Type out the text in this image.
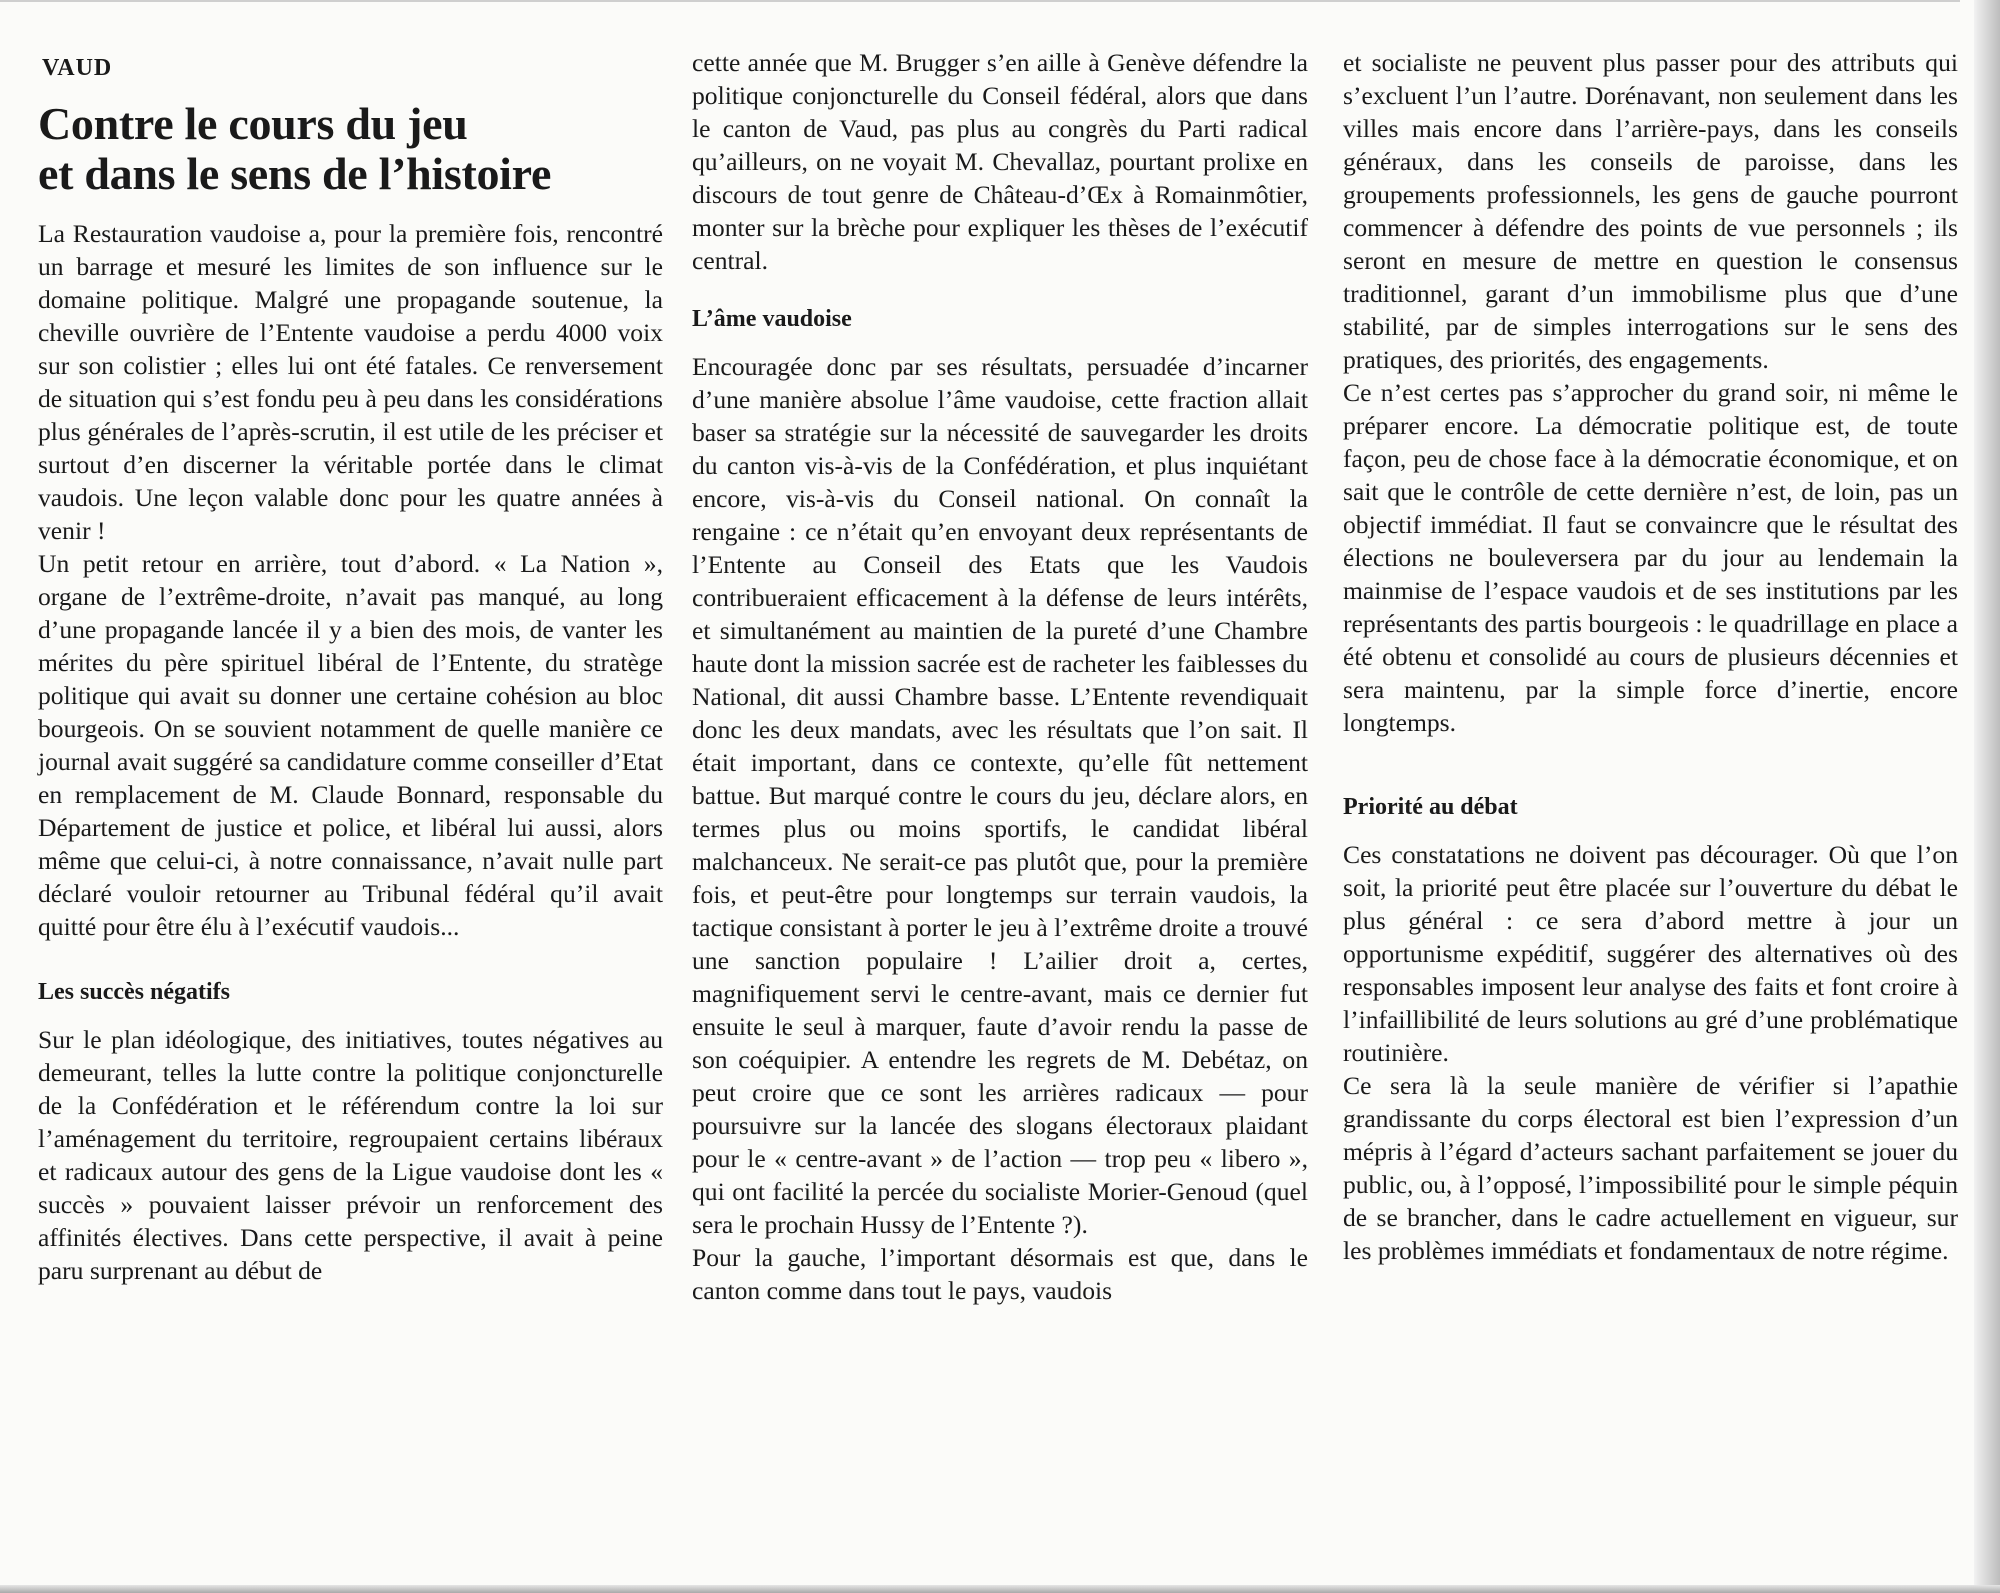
VAUD
Contre le cours du jeu
et dans le sens de l’histoire

La Restauration vaudoise a, pour la première fois, rencontré un barrage et mesuré les limites de son influence sur le domaine politique. Malgré une propagande soutenue, la cheville ouvrière de l’Entente vaudoise a perdu 4000 voix sur son colistier ; elles lui ont été fatales. Ce renversement de situation qui s’est fondu peu à peu dans les considérations plus générales de l’après-scrutin, il est utile de les préciser et surtout d’en discerner la véritable portée dans le climat vaudois. Une leçon valable donc pour les quatre années à venir !

Un petit retour en arrière, tout d’abord. « La Nation », organe de l’extrême-droite, n’avait pas manqué, au long d’une propagande lancée il y a bien des mois, de vanter les mérites du père spirituel libéral de l’Entente, du stratège politique qui avait su donner une certaine cohésion au bloc bourgeois. On se souvient notamment de quelle manière ce journal avait suggéré sa candidature comme conseiller d’Etat en remplacement de M. Claude Bonnard, responsable du Département de justice et police, et libéral lui aussi, alors même que celui-ci, à notre connaissance, n’avait nulle part déclaré vouloir retourner au Tribunal fédéral qu’il avait quitté pour être élu à l’exécutif vaudois...

Les succès négatifs

Sur le plan idéologique, des initiatives, toutes négatives au demeurant, telles la lutte contre la politique conjoncturelle de la Confédération et le référendum contre la loi sur l’aménagement du territoire, regroupaient certains libéraux et radicaux autour des gens de la Ligue vaudoise dont les « succès » pouvaient laisser prévoir un renforcement des affinités électives. Dans cette perspective, il avait à peine paru surprenant au début de

cette année que M. Brugger s’en aille à Genève défendre la politique conjoncturelle du Conseil fédéral, alors que dans le canton de Vaud, pas plus au congrès du Parti radical qu’ailleurs, on ne voyait M. Chevallaz, pourtant prolixe en discours de tout genre de Château-d’Œx à Romainmôtier, monter sur la brèche pour expliquer les thèses de l’exécutif central.

L’âme vaudoise

Encouragée donc par ses résultats, persuadée d’incarner d’une manière absolue l’âme vaudoise, cette fraction allait baser sa stratégie sur la nécessité de sauvegarder les droits du canton vis-à-vis de la Confédération, et plus inquiétant encore, vis-à-vis du Conseil national. On connaît la rengaine : ce n’était qu’en envoyant deux représentants de l’Entente au Conseil des Etats que les Vaudois contribueraient efficacement à la défense de leurs intérêts, et simultanément au maintien de la pureté d’une Chambre haute dont la mission sacrée est de racheter les faiblesses du National, dit aussi Chambre basse. L’Entente revendiquait donc les deux mandats, avec les résultats que l’on sait. Il était important, dans ce contexte, qu’elle fût nettement battue. But marqué contre le cours du jeu, déclare alors, en termes plus ou moins sportifs, le candidat libéral malchanceux. Ne serait-ce pas plutôt que, pour la première fois, et peut-être pour longtemps sur terrain vaudois, la tactique consistant à porter le jeu à l’extrême droite a trouvé une sanction populaire ! L’ailier droit a, certes, magnifiquement servi le centre-avant, mais ce dernier fut ensuite le seul à marquer, faute d’avoir rendu la passe de son coéquipier. A entendre les regrets de M. Debétaz, on peut croire que ce sont les arrières radicaux — pour poursuivre sur la lancée des slogans électoraux plaidant pour le « centre-avant » de l’action — trop peu « libero », qui ont facilité la percée du socialiste Morier-Genoud (quel sera le prochain Hussy de l’Entente ?).

Pour la gauche, l’important désormais est que, dans le canton comme dans tout le pays, vaudois

et socialiste ne peuvent plus passer pour des attributs qui s’excluent l’un l’autre. Dorénavant, non seulement dans les villes mais encore dans l’arrière-pays, dans les conseils généraux, dans les conseils de paroisse, dans les groupements professionnels, les gens de gauche pourront commencer à défendre des points de vue personnels ; ils seront en mesure de mettre en question le consensus traditionnel, garant d’un immobilisme plus que d’une stabilité, par de simples interrogations sur le sens des pratiques, des priorités, des engagements.

Ce n’est certes pas s’approcher du grand soir, ni même le préparer encore. La démocratie politique est, de toute façon, peu de chose face à la démocratie économique, et on sait que le contrôle de cette dernière n’est, de loin, pas un objectif immédiat. Il faut se convaincre que le résultat des élections ne bouleversera par du jour au lendemain la mainmise de l’espace vaudois et de ses institutions par les représentants des partis bourgeois : le quadrillage en place a été obtenu et consolidé au cours de plusieurs décennies et sera maintenu, par la simple force d’inertie, encore longtemps.

Priorité au débat

Ces constatations ne doivent pas décourager. Où que l’on soit, la priorité peut être placée sur l’ouverture du débat le plus général : ce sera d’abord mettre à jour un opportunisme expéditif, suggérer des alternatives où des responsables imposent leur analyse des faits et font croire à l’infaillibilité de leurs solutions au gré d’une problématique routinière.

Ce sera là la seule manière de vérifier si l’apathie grandissante du corps électoral est bien l’expression d’un mépris à l’égard d’acteurs sachant parfaitement se jouer du public, ou, à l’opposé, l’impossibilité pour le simple péquin de se brancher, dans le cadre actuellement en vigueur, sur les problèmes immédiats et fondamentaux de notre régime.
